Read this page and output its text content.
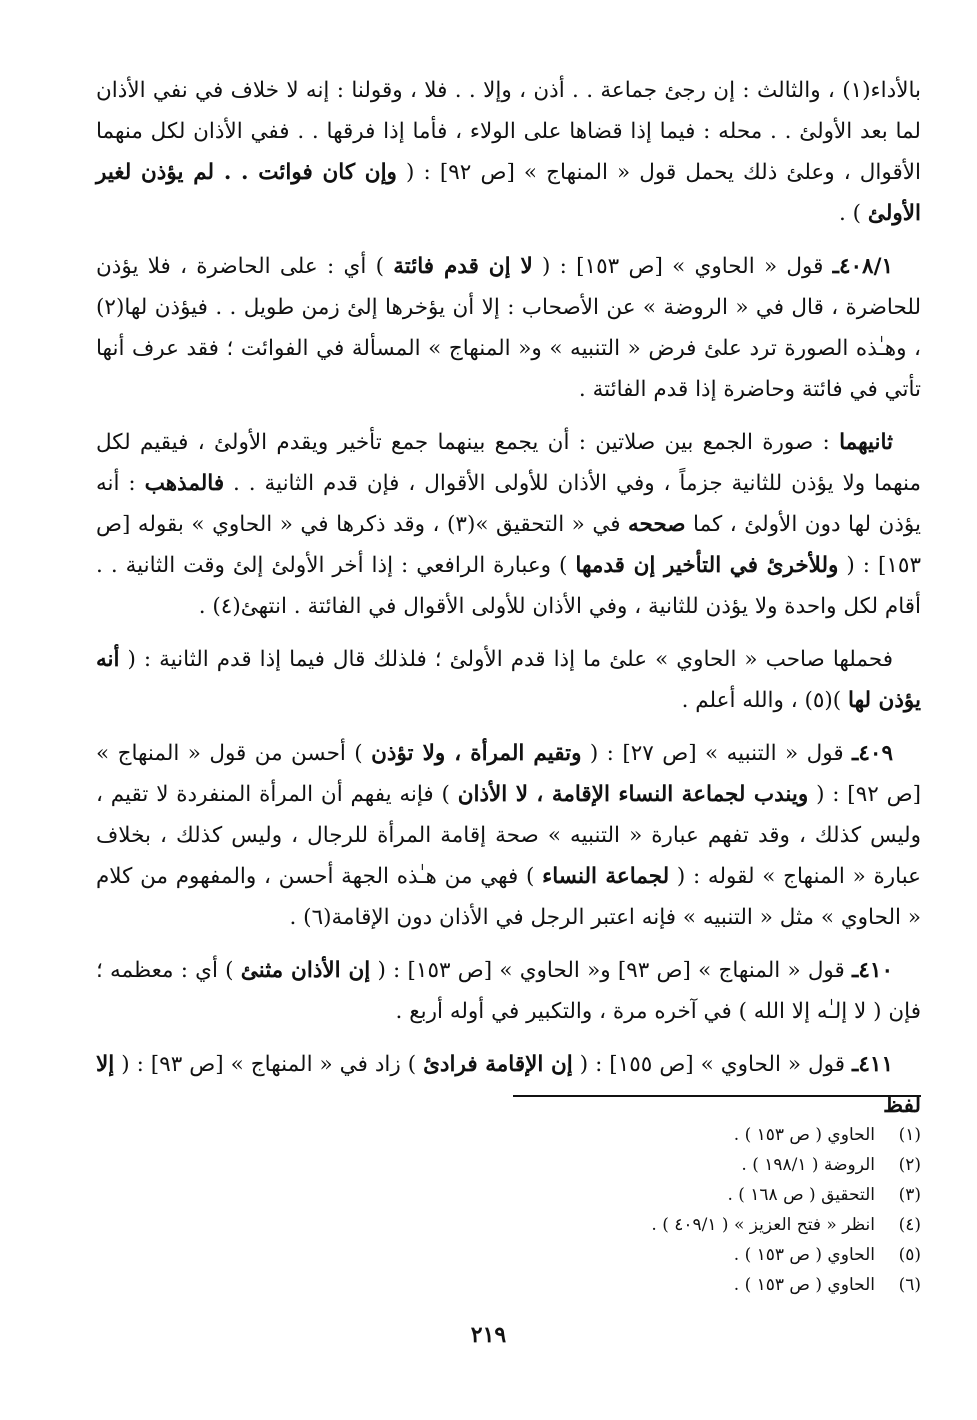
بالأداء(١) ، والثالث : إن رجئ جماعة . . أذن ، وإلا . . فلا ، وقولنا : إنه لا خلاف في نفي الأذان لما بعد الأولئ . . محله : فيما إذا قضاها على الولاء ، فأما إذا فرقها . . ففي الأذان لكل منهما الأقوال ، وعلئ ذلك يحمل قول « المنهاج » [ص ٩٢] : ( وإن كان فوائت . . لم يؤذن لغير الأولئ ) .

٤٠٨/١ـ قول « الحاوي » [ص ١٥٣] : ( لا إن قدم فائتة ) أي : على الحاضرة ، فلا يؤذن للحاضرة ، قال في « الروضة » عن الأصحاب : إلا أن يؤخرها إلئ زمن طويل . . فيؤذن لها(٢) ، وهـٰذه الصورة ترد علئ فرض « التنبيه » و« المنهاج » المسألة في الفوائت ؛ فقد عرف أنها تأتي في فائتة وحاضرة إذا قدم الفائتة .

ثانيهما : صورة الجمع بين صلاتين : أن يجمع بينهما جمع تأخير ويقدم الأولئ ، فيقيم لكل منهما ولا يؤذن للثانية جزماً ، وفي الأذان للأولى الأقوال ، فإن قدم الثانية . . فالمذهب : أنه يؤذن لها دون الأولئ ، كما صححه في « التحقيق »(٣) ، وقد ذكرها في « الحاوي » بقوله [ص ١٥٣] : ( وللأخرئ في التأخير إن قدمها ) وعبارة الرافعي : إذا أخر الأولئ إلئ وقت الثانية . . أقام لكل واحدة ولا يؤذن للثانية ، وفي الأذان للأولى الأقوال في الفائتة . انتهئ(٤) .

فحملها صاحب « الحاوي » علئ ما إذا قدم الأولئ ؛ فلذلك قال فيما إذا قدم الثانية : ( أنه يؤذن لها )(٥) ، والله أعلم .

٤٠٩ـ قول « التنبيه » [ص ٢٧] : ( وتقيم المرأة ، ولا تؤذن ) أحسن من قول « المنهاج » [ص ٩٢] : ( ويندب لجماعة النساء الإقامة ، لا الأذان ) فإنه يفهم أن المرأة المنفردة لا تقيم ، وليس كذلك ، وقد تفهم عبارة « التنبيه » صحة إقامة المرأة للرجال ، وليس كذلك ، بخلاف عبارة « المنهاج » لقوله : ( لجماعة النساء ) فهي من هـٰذه الجهة أحسن ، والمفهوم من كلام « الحاوي » مثل « التنبيه » فإنه اعتبر الرجل في الأذان دون الإقامة(٦) .

٤١٠ـ قول « المنهاج » [ص ٩٣] و« الحاوي » [ص ١٥٣] : ( إن الأذان مثنئ ) أي : معظمه ؛ فإن ( لا إلـٰه إلا الله ) في آخره مرة ، والتكبير في أوله أربع .

٤١١ـ قول « الحاوي » [ص ١٥٥] : ( إن الإقامة فرادئ ) زاد في « المنهاج » [ص ٩٣] : ( إلا لفظ

(١)الحاوي ( ص ١٥٣ ) .
(٢)الروضة ( ١٩٨/١ ) .
(٣)التحقيق ( ص ١٦٨ ) .
(٤)انظر « فتح العزيز » ( ٤٠٩/١ ) .
(٥)الحاوي ( ص ١٥٣ ) .
(٦)الحاوي ( ص ١٥٣ ) .
٢١٩
